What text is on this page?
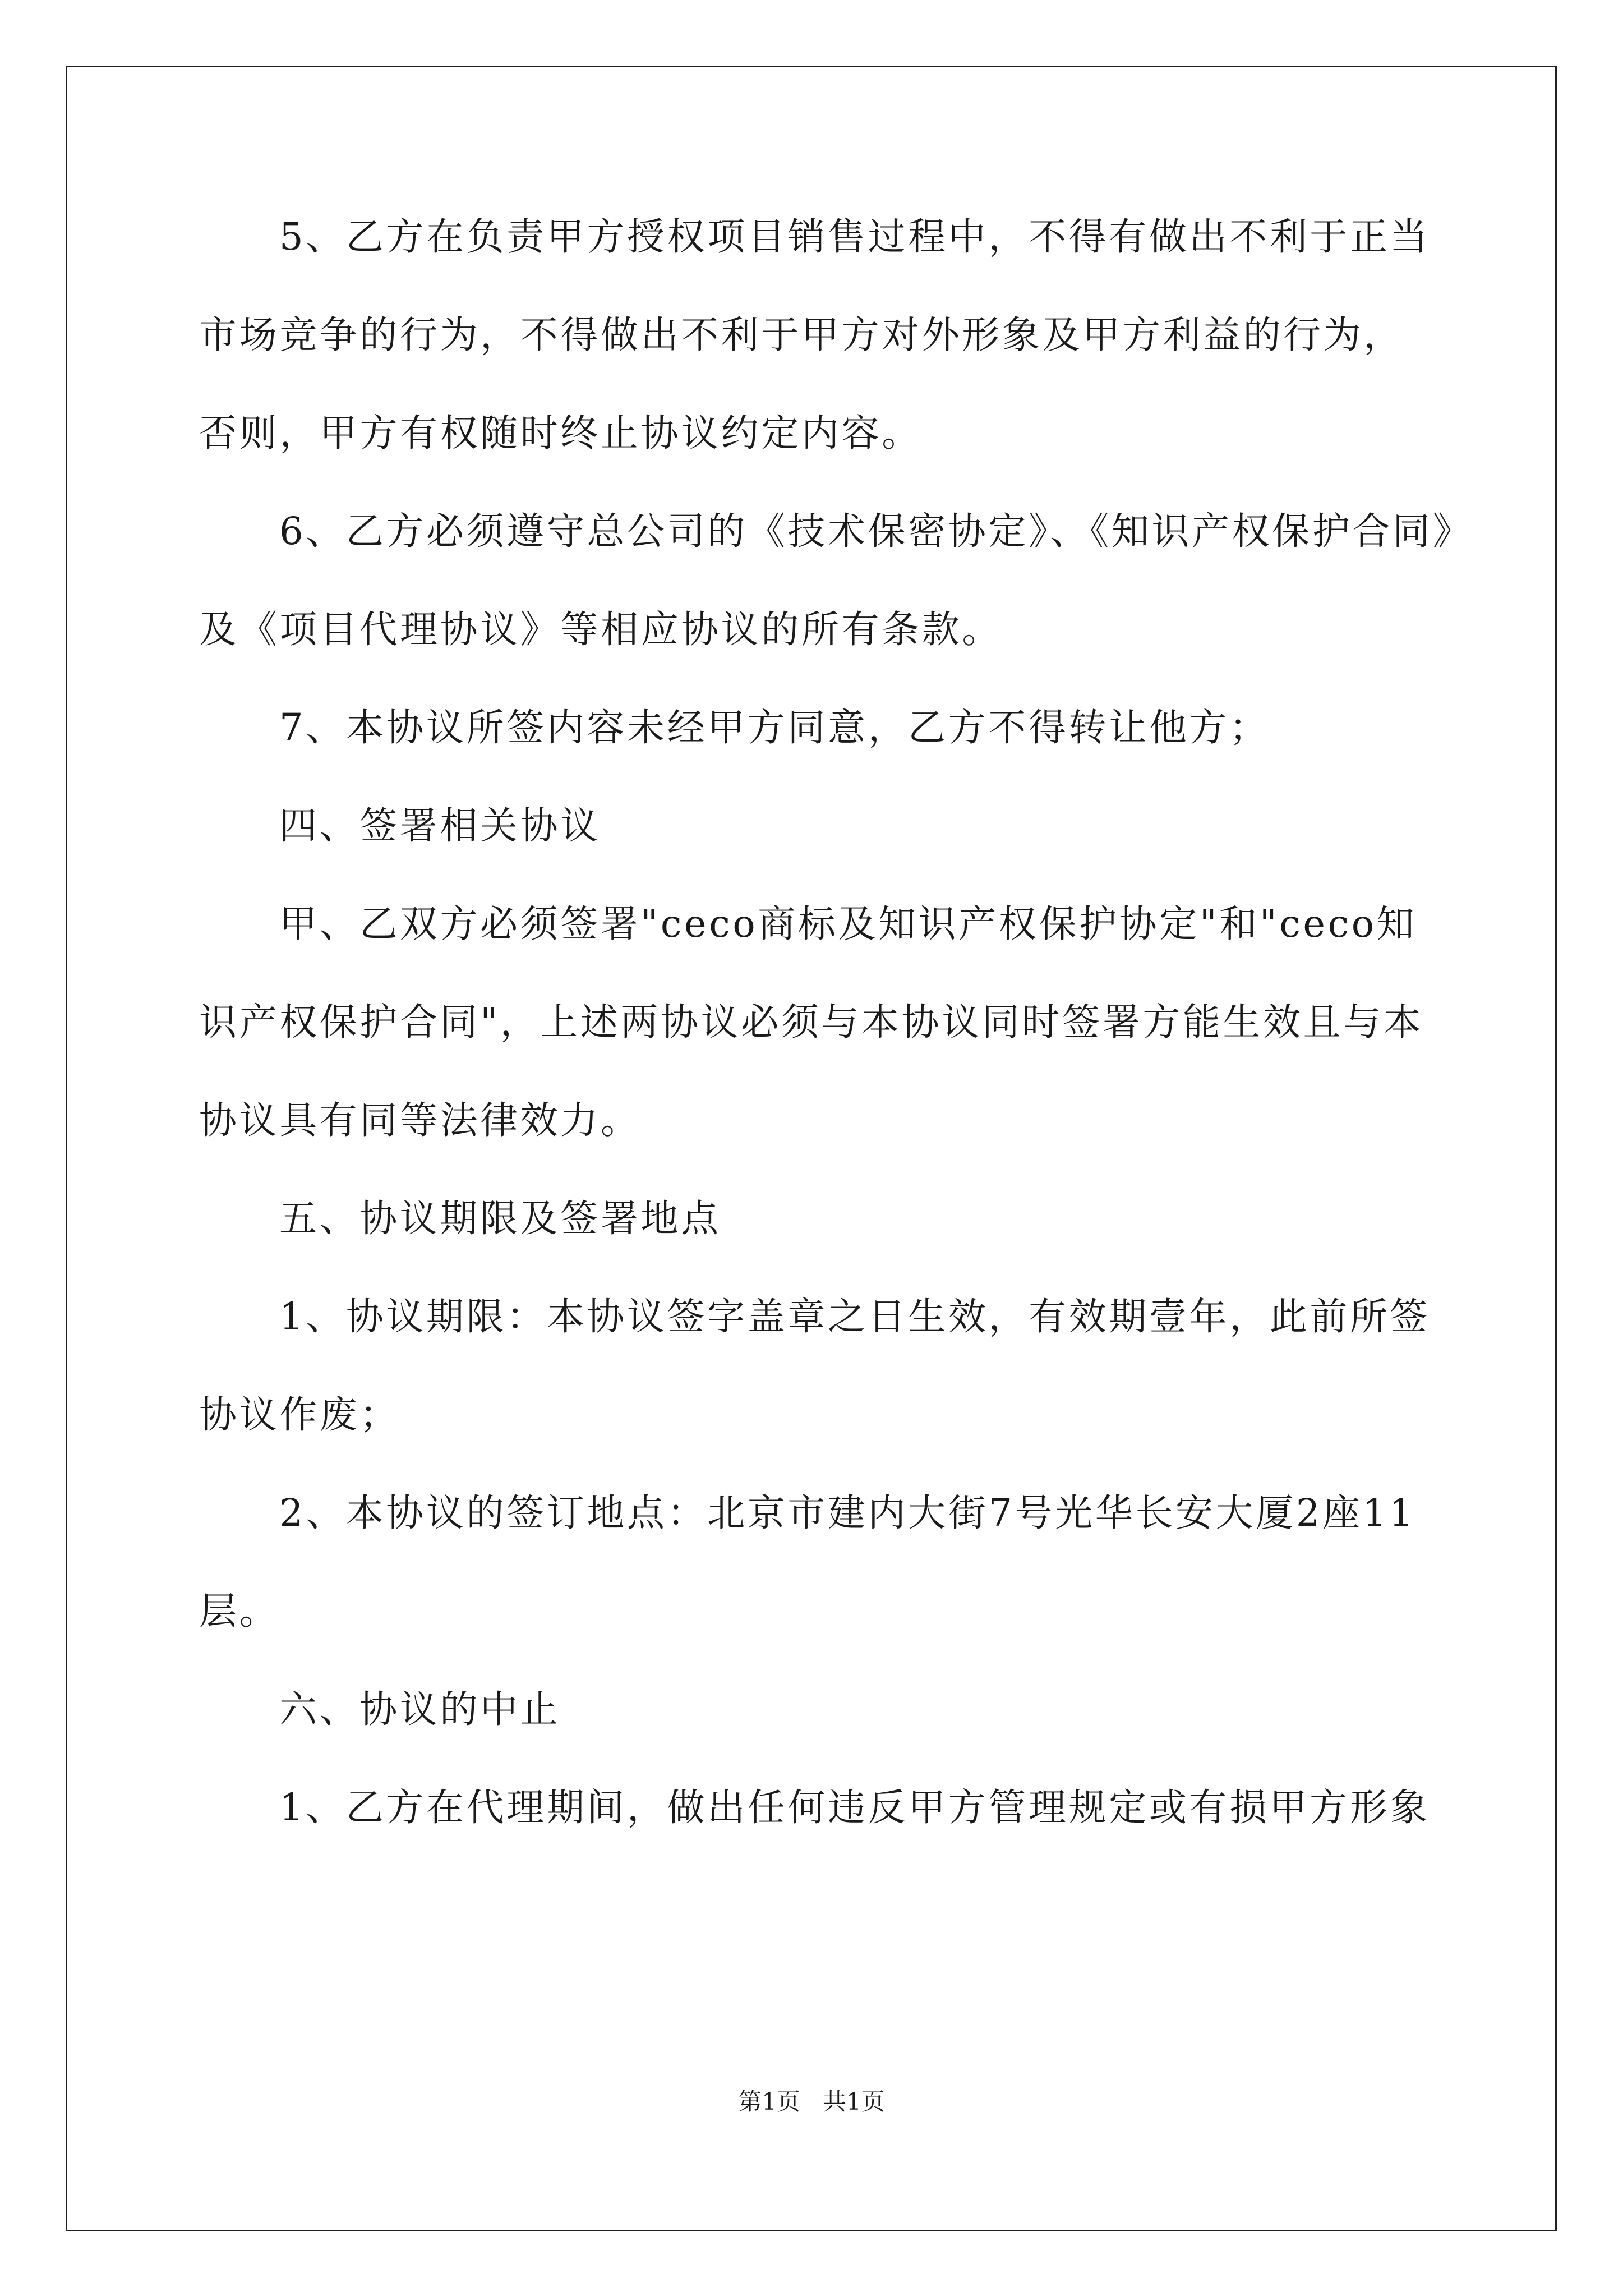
5、乙方在负责甲方授权项目销售过程中，不得有做出不利于正当
市场竞争的行为，不得做出不利于甲方对外形象及甲方利益的行为，
否则，甲方有权随时终止协议约定内容。
6、乙方必须遵守总公司的《技术保密协定》、《知识产权保护合同》
及《项目代理协议》等相应协议的所有条款。
7、本协议所签内容未经甲方同意，乙方不得转让他方；
四、签署相关协议
甲、乙双方必须签署"ceco商标及知识产权保护协定"和"ceco知
识产权保护合同"，上述两协议必须与本协议同时签署方能生效且与本
协议具有同等法律效力。
五、协议期限及签署地点
1、协议期限：本协议签字盖章之日生效，有效期壹年，此前所签
协议作废；
2、本协议的签订地点：北京市建内大街7号光华长安大厦2座11
层。
六、协议的中止
1、乙方在代理期间，做出任何违反甲方管理规定或有损甲方形象
第1页   共1页
